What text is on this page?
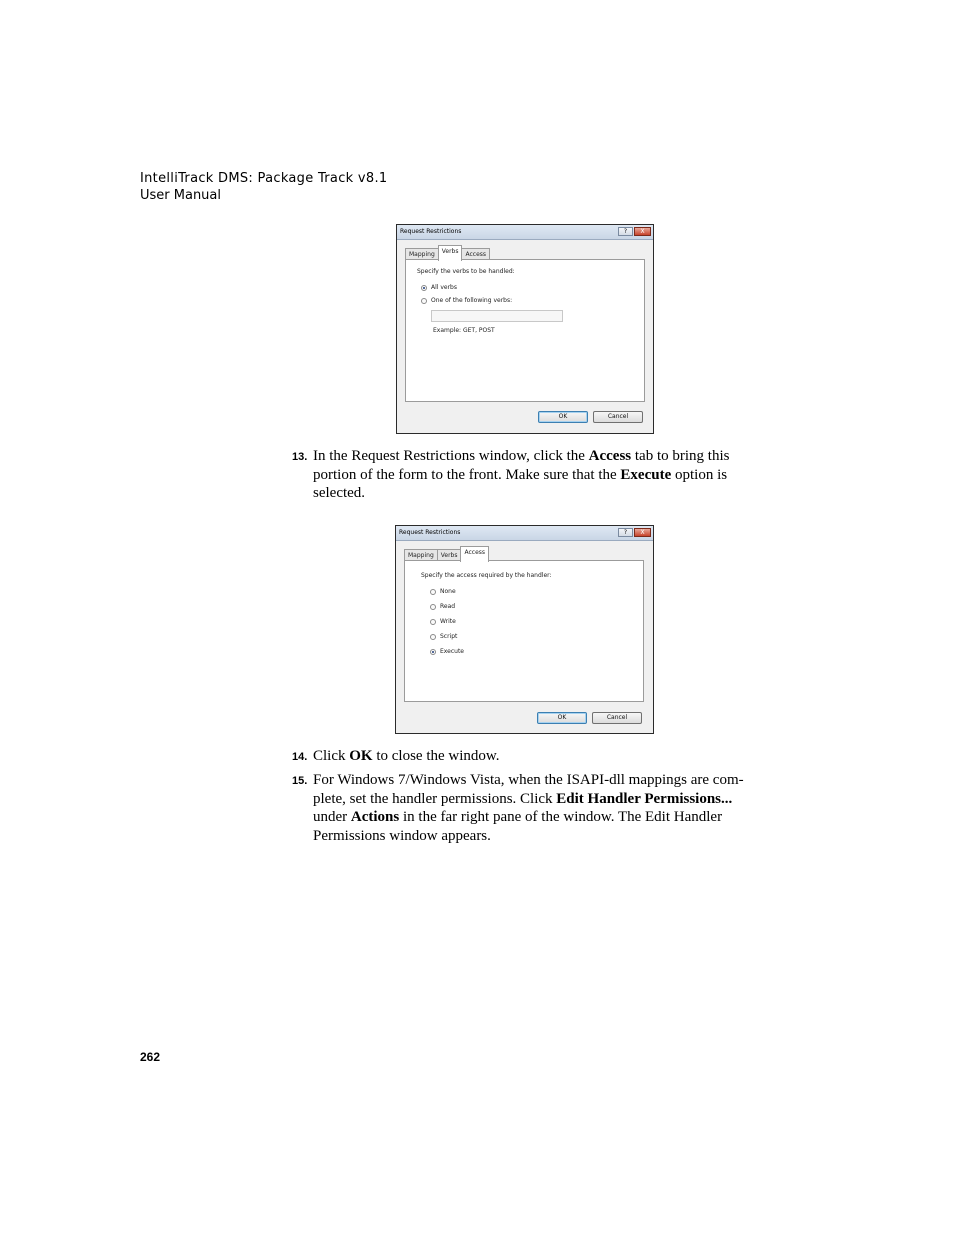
IntelliTrack DMS: Package Track v8.1
User Manual
Request Restrictions	?	X
Mapping	Verbs	Access
Specify the verbs to be handled:
All verbs
One of the following verbs:
Example: GET, POST
OK	Cancel
13. In the Request Restrictions window, click the Access tab to bring this portion of the form to the front. Make sure that the Execute option is selected.
Request Restrictions	?	X
Mapping	Verbs	Access
Specify the access required by the handler:
None
Read
Write
Script
Execute
OK	Cancel
14. Click OK to close the window.
15. For Windows 7/Windows Vista, when the ISAPI-dll mappings are com-plete, set the handler permissions. Click Edit Handler Permissions... under Actions in the far right pane of the window. The Edit Handler Permissions window appears.
262
